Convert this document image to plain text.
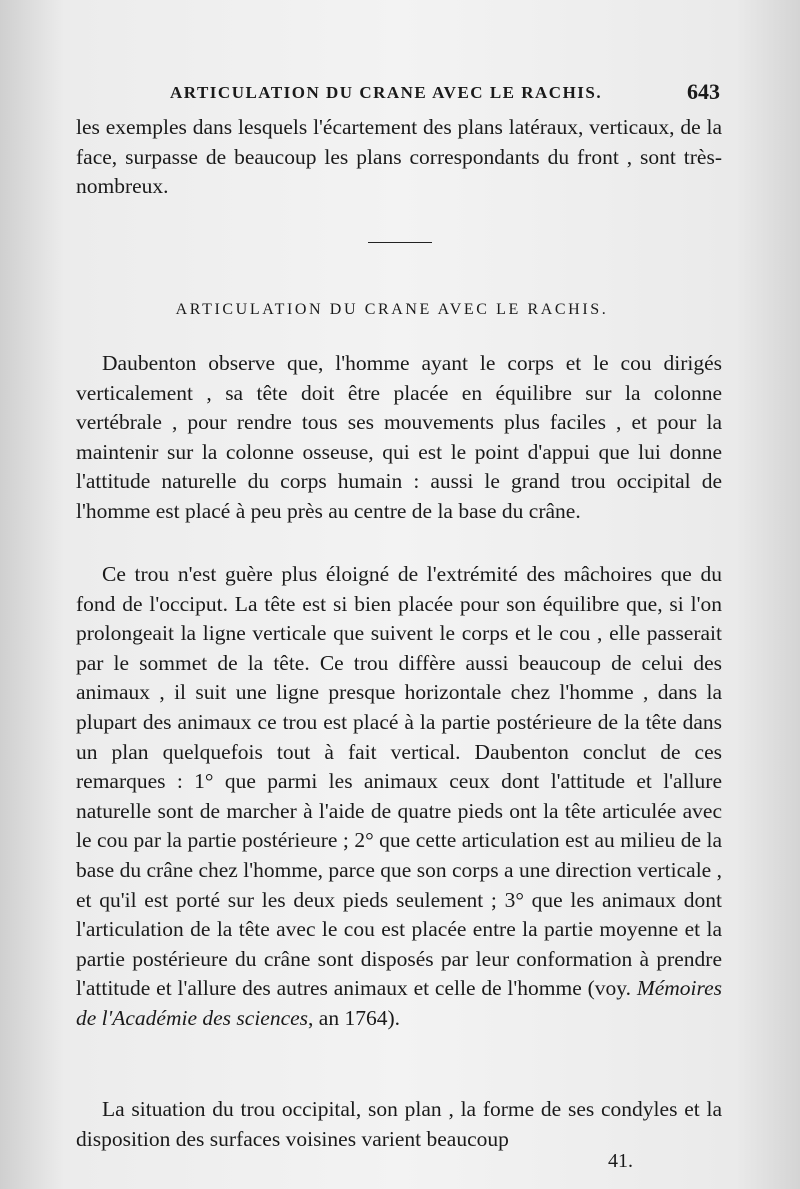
ARTICULATION DU CRANE AVEC LE RACHIS.	643

les exemples dans lesquels l'écartement des plans latéraux, verticaux, de la face, surpasse de beaucoup les plans correspondants du front , sont très-nombreux.

ARTICULATION DU CRANE AVEC LE RACHIS.

Daubenton observe que, l'homme ayant le corps et le cou dirigés verticalement , sa tête doit être placée en équilibre sur la colonne vertébrale , pour rendre tous ses mouvements plus faciles , et pour la maintenir sur la colonne osseuse, qui est le point d'appui que lui donne l'attitude naturelle du corps humain : aussi le grand trou occipital de l'homme est placé à peu près au centre de la base du crâne.

Ce trou n'est guère plus éloigné de l'extrémité des mâchoires que du fond de l'occiput. La tête est si bien placée pour son équilibre que, si l'on prolongeait la ligne verticale que suivent le corps et le cou , elle passerait par le sommet de la tête. Ce trou diffère aussi beaucoup de celui des animaux , il suit une ligne presque horizontale chez l'homme , dans la plupart des animaux ce trou est placé à la partie postérieure de la tête dans un plan quelquefois tout à fait vertical. Daubenton conclut de ces remarques : 1° que parmi les animaux ceux dont l'attitude et l'allure naturelle sont de marcher à l'aide de quatre pieds ont la tête articulée avec le cou par la partie postérieure ; 2° que cette articulation est au milieu de la base du crâne chez l'homme, parce que son corps a une direction verticale , et qu'il est porté sur les deux pieds seulement ; 3° que les animaux dont l'articulation de la tête avec le cou est placée entre la partie moyenne et la partie postérieure du crâne sont disposés par leur conformation à prendre l'attitude et l'allure des autres animaux et celle de l'homme (voy. Mémoires de l'Académie des sciences, an 1764).

La situation du trou occipital, son plan , la forme de ses condyles et la disposition des surfaces voisines varient beaucoup

41.
